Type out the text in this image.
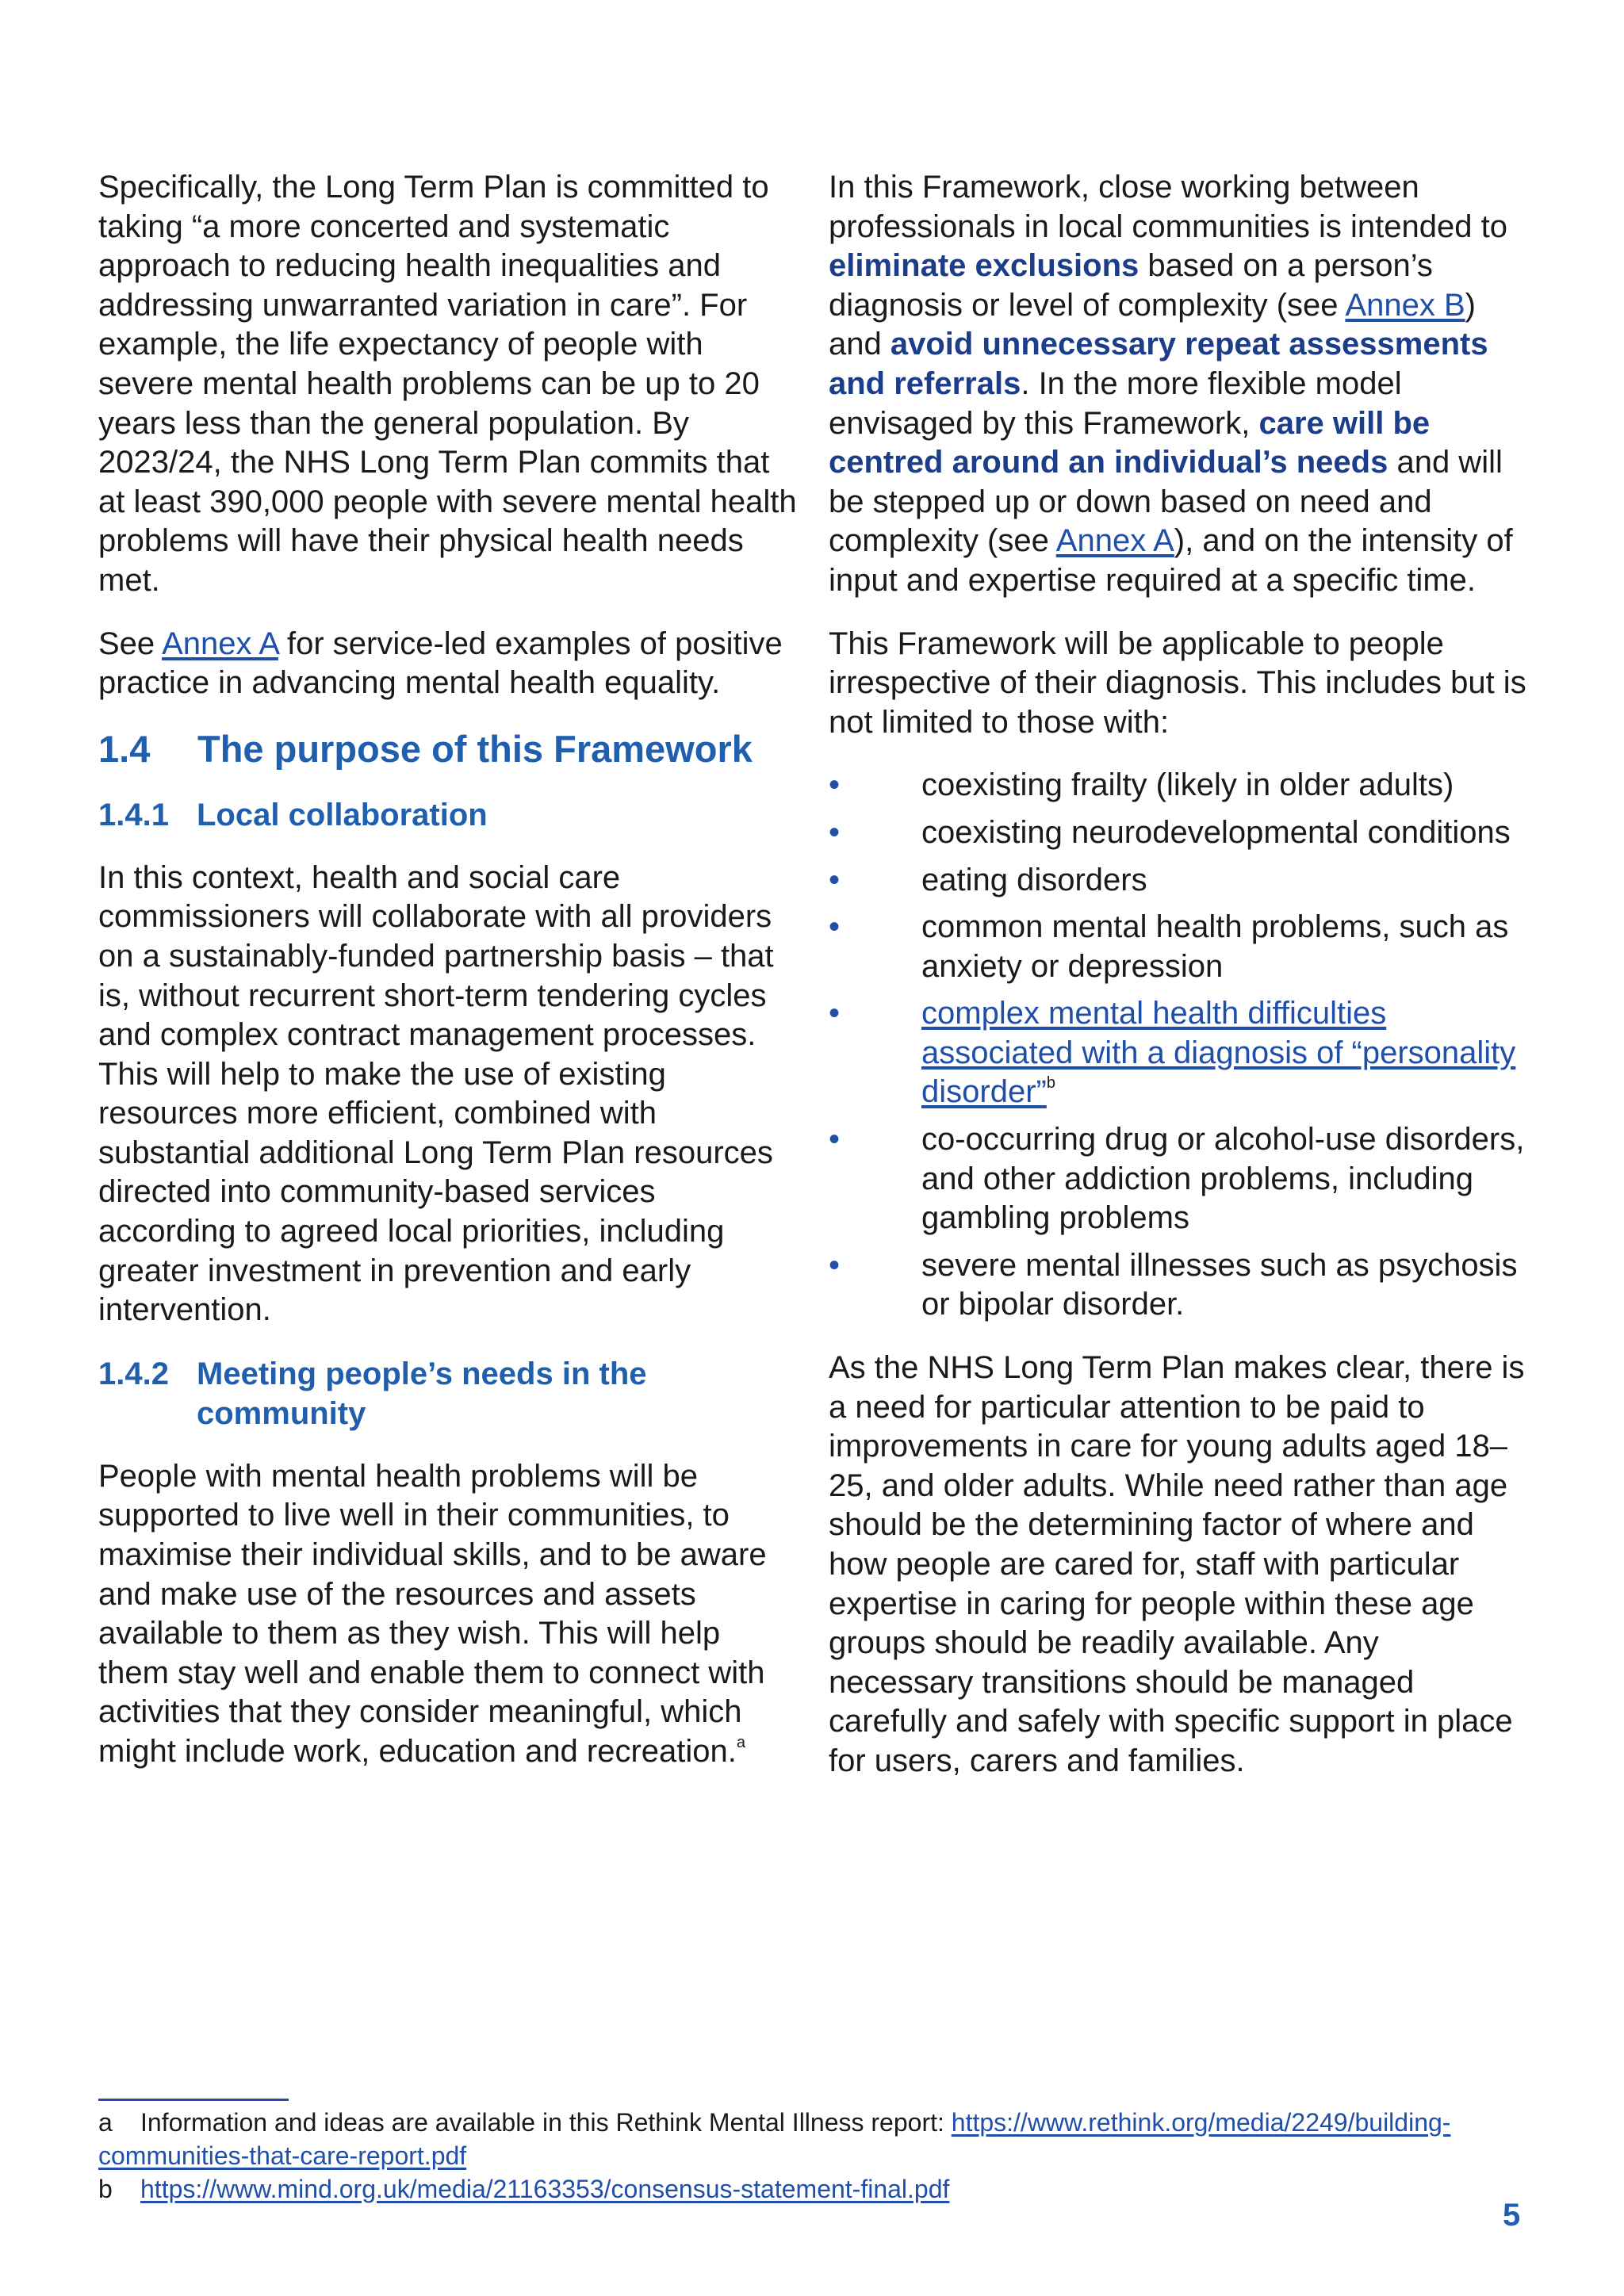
Specifically, the Long Term Plan is committed to taking “a more concerted and systematic approach to reducing health inequalities and addressing unwarranted variation in care”. For example, the life expectancy of people with severe mental health problems can be up to 20 years less than the general population. By 2023/24, the NHS Long Term Plan commits that at least 390,000 people with severe mental health problems will have their physical health needs met.

See Annex A for service-led examples of positive practice in advancing mental health equality.

1.4	The purpose of this Framework
1.4.1 Local collaboration

In this context, health and social care commissioners will collaborate with all providers on a sustainably-funded partnership basis – that is, without recurrent short-term tendering cycles and complex contract management processes. This will help to make the use of existing resources more efficient, combined with substantial additional Long Term Plan resources directed into community-based services according to agreed local priorities, including greater investment in prevention and early intervention.

1.4.2 Meeting people’s needs in the community

People with mental health problems will be supported to live well in their communities, to maximise their individual skills, and to be aware and make use of the resources and assets available to them as they wish. This will help them stay well and enable them to connect with activities that they consider meaningful, which might include work, education and recreation.$^a$

In this Framework, close working between professionals in local communities is intended to eliminate exclusions based on a person’s diagnosis or level of complexity (see Annex B) and avoid unnecessary repeat assessments and referrals. In the more flexible model envisaged by this Framework, care will be centred around an individual’s needs and will be stepped up or down based on need and complexity (see Annex A), and on the intensity of input and expertise required at a specific time.

This Framework will be applicable to people irrespective of their diagnosis. This includes but is not limited to those with:

• coexisting frailty (likely in older adults)
• coexisting neurodevelopmental conditions
• eating disorders
• common mental health problems, such as anxiety or depression
• complex mental health difficulties associated with a diagnosis of “personality disorder”$^b$
• co-occurring drug or alcohol-use disorders, and other addiction problems, including gambling problems
• severe mental illnesses such as psychosis or bipolar disorder.

As the NHS Long Term Plan makes clear, there is a need for particular attention to be paid to improvements in care for young adults aged 18–25, and older adults. While need rather than age should be the determining factor of where and how people are cared for, staff with particular expertise in caring for people within these age groups should be readily available. Any necessary transitions should be managed carefully and safely with specific support in place for users, carers and families.

a Information and ideas are available in this Rethink Mental Illness report: https://www.rethink.org/media/2249/building-communities-that-care-report.pdf

b https://www.mind.org.uk/media/21163353/consensus-statement-final.pdf

5
